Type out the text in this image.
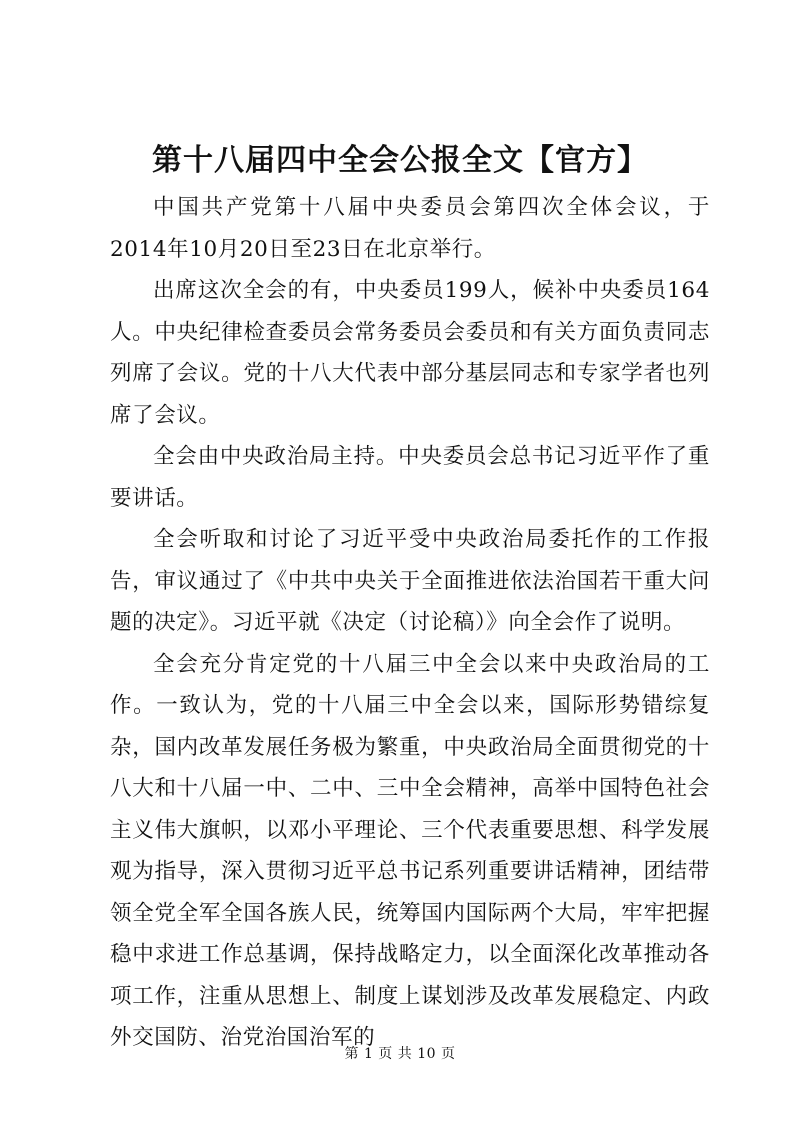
第十八届四中全会公报全文【官方】

中国共产党第十八届中央委员会第四次全体会议，于2014年10月20日至23日在北京举行。

出席这次全会的有，中央委员199人，候补中央委员164人。中央纪律检查委员会常务委员会委员和有关方面负责同志列席了会议。党的十八大代表中部分基层同志和专家学者也列席了会议。

全会由中央政治局主持。中央委员会总书记习近平作了重要讲话。

全会听取和讨论了习近平受中央政治局委托作的工作报告，审议通过了《中共中央关于全面推进依法治国若干重大问题的决定》。习近平就《决定（讨论稿）》向全会作了说明。

全会充分肯定党的十八届三中全会以来中央政治局的工作。一致认为，党的十八届三中全会以来，国际形势错综复杂，国内改革发展任务极为繁重，中央政治局全面贯彻党的十八大和十八届一中、二中、三中全会精神，高举中国特色社会主义伟大旗帜，以邓小平理论、三个代表重要思想、科学发展观为指导，深入贯彻习近平总书记系列重要讲话精神，团结带领全党全军全国各族人民，统筹国内国际两个大局，牢牢把握稳中求进工作总基调，保持战略定力，以全面深化改革推动各项工作，注重从思想上、制度上谋划涉及改革发展稳定、内政外交国防、治党治国治军的

第 1 页 共 10 页
